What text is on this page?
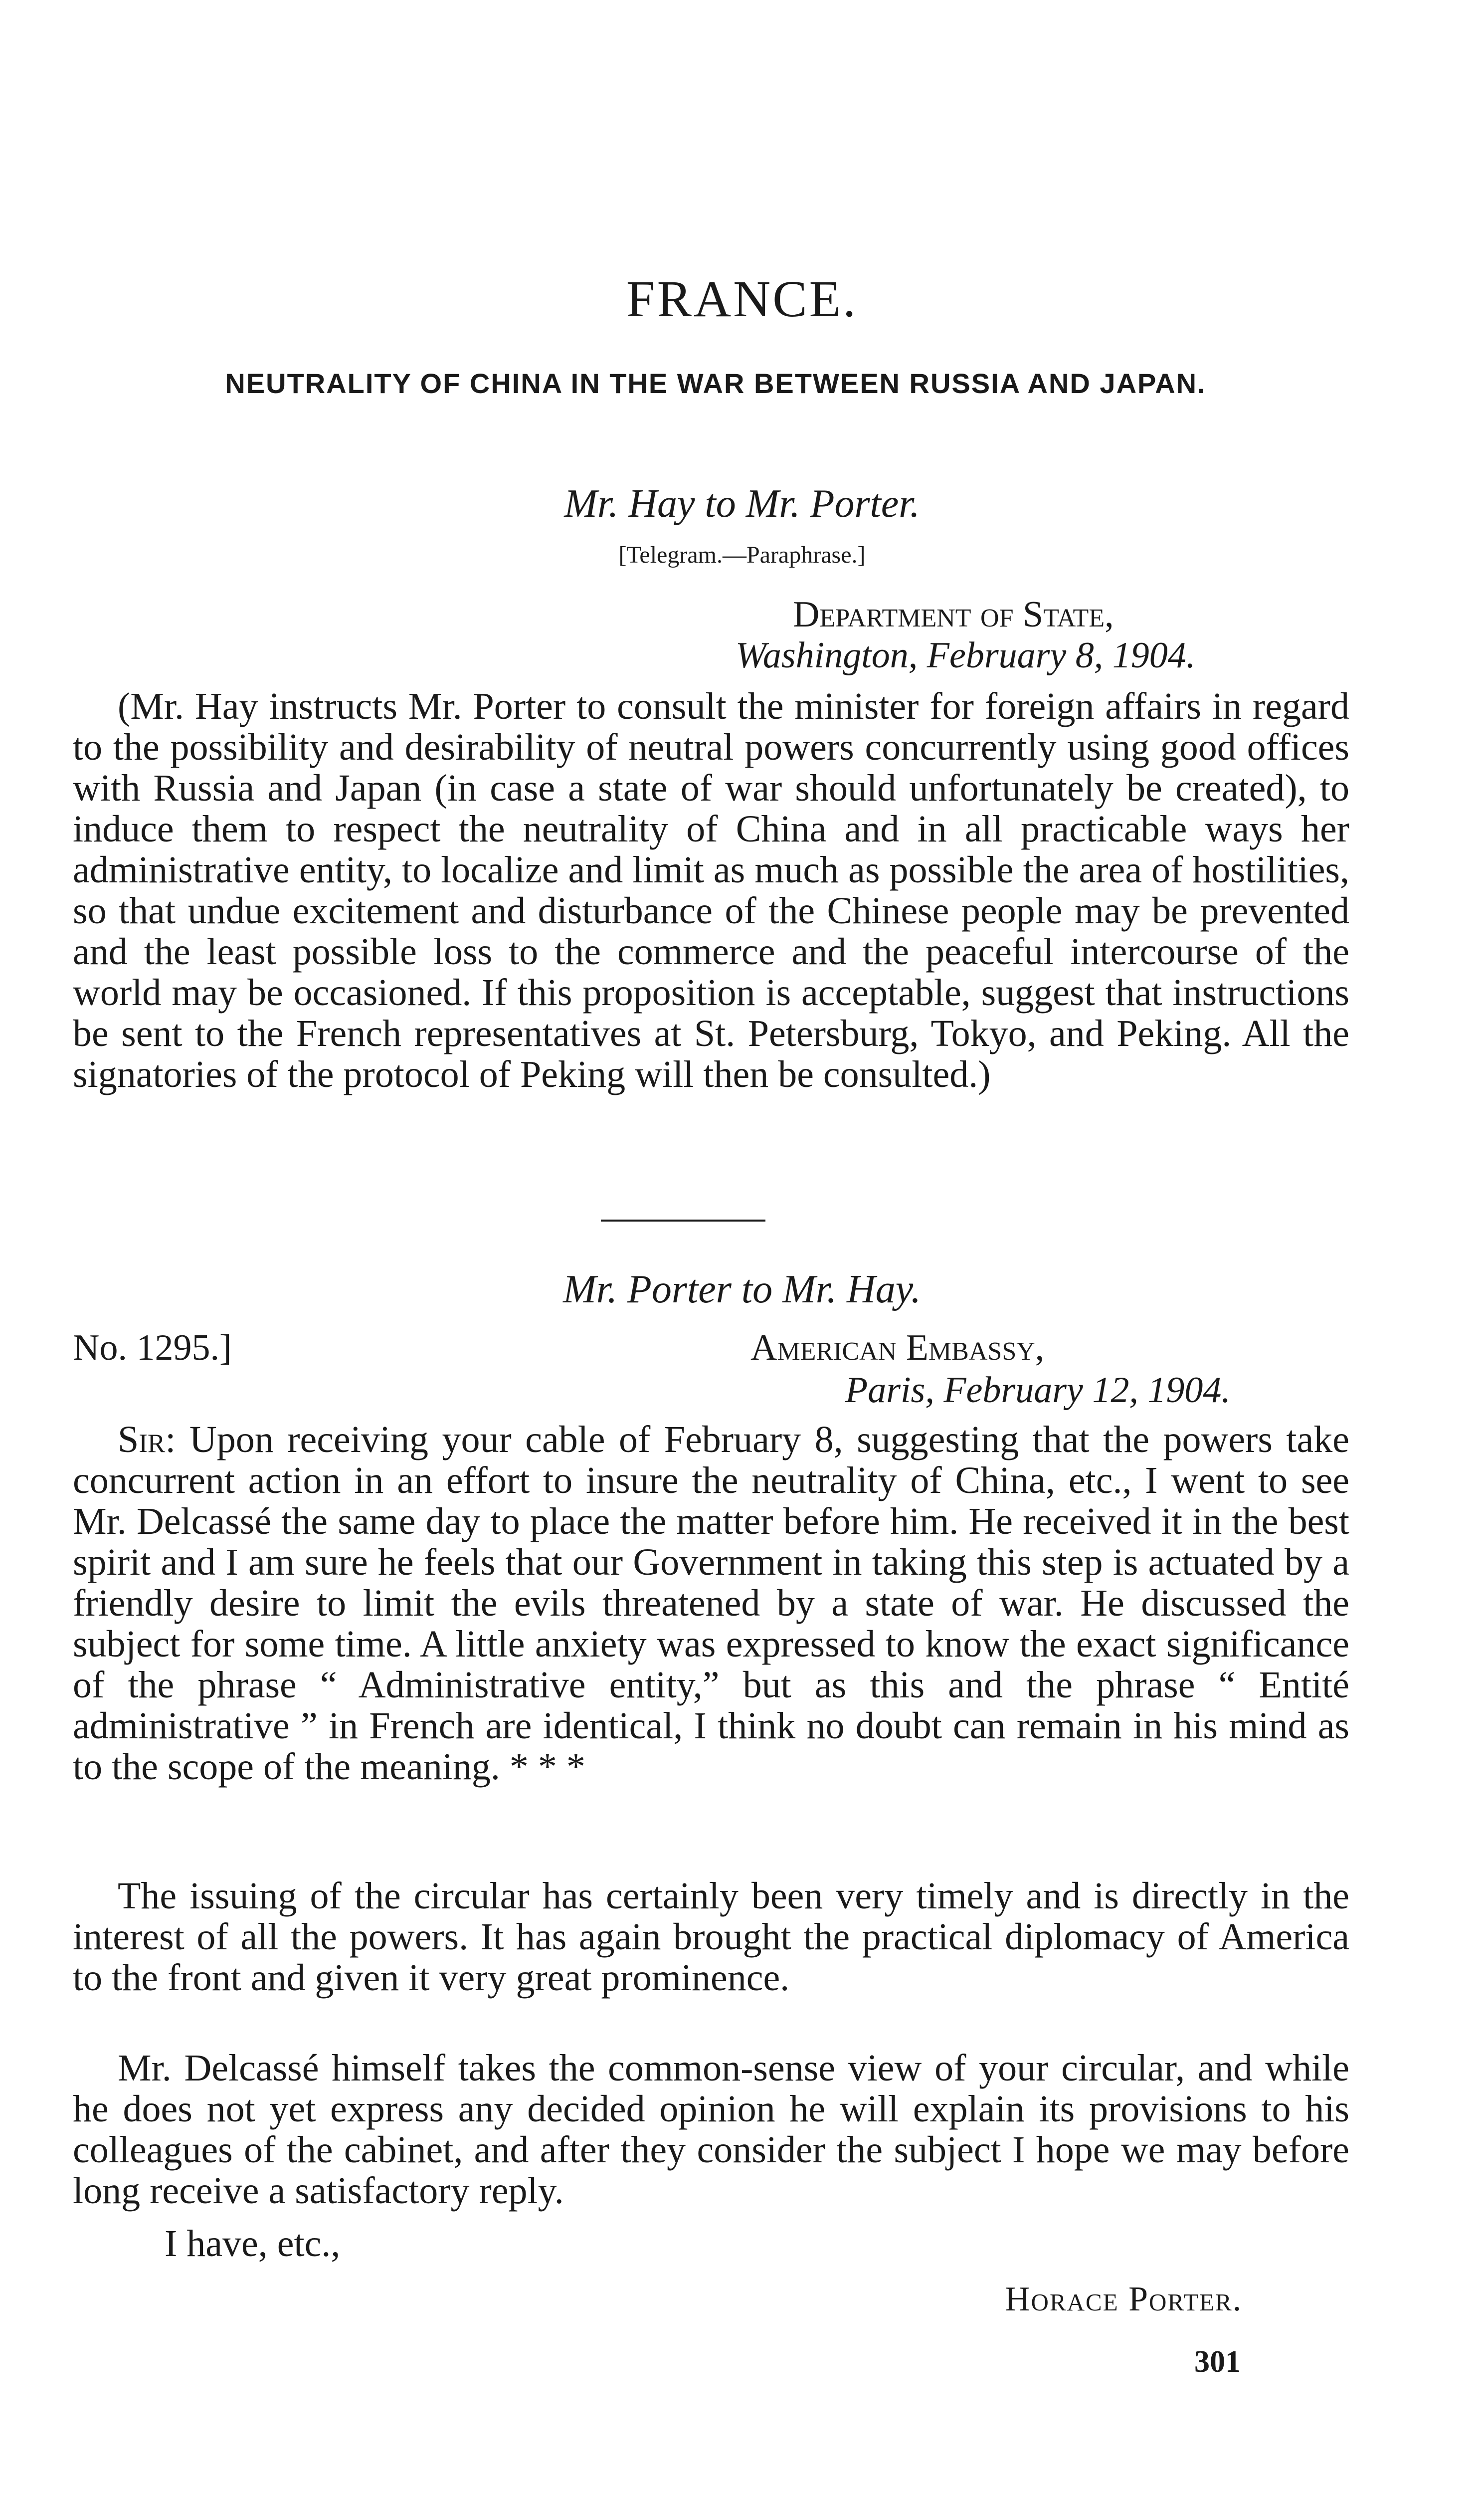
FRANCE.
NEUTRALITY OF CHINA IN THE WAR BETWEEN RUSSIA AND JAPAN.
Mr. Hay to Mr. Porter.
[Telegram.—Paraphrase.]
Department of State,
Washington, February 8, 1904.
(Mr. Hay instructs Mr. Porter to consult the minister for foreign affairs in regard to the possibility and desirability of neutral powers concurrently using good offices with Russia and Japan (in case a state of war should unfortunately be created), to induce them to respect the neutrality of China and in all practicable ways her administrative entity, to localize and limit as much as possible the area of hostilities, so that undue excitement and disturbance of the Chinese people may be prevented and the least possible loss to the commerce and the peaceful intercourse of the world may be occasioned. If this proposition is acceptable, suggest that instructions be sent to the French representatives at St. Petersburg, Tokyo, and Peking. All the signatories of the protocol of Peking will then be consulted.)
Mr. Porter to Mr. Hay.
No. 1295.]	American Embassy,
Paris, February 12, 1904.
Sir: Upon receiving your cable of February 8, suggesting that the powers take concurrent action in an effort to insure the neutrality of China, etc., I went to see Mr. Delcassé the same day to place the matter before him. He received it in the best spirit and I am sure he feels that our Government in taking this step is actuated by a friendly desire to limit the evils threatened by a state of war. He discussed the subject for some time. A little anxiety was expressed to know the exact significance of the phrase “ Administrative entity,” but as this and the phrase “ Entité administrative ” in French are identical, I think no doubt can remain in his mind as to the scope of the meaning. * * *
The issuing of the circular has certainly been very timely and is directly in the interest of all the powers. It has again brought the practical diplomacy of America to the front and given it very great prominence.
Mr. Delcassé himself takes the common-sense view of your circular, and while he does not yet express any decided opinion he will explain its provisions to his colleagues of the cabinet, and after they consider the subject I hope we may before long receive a satisfactory reply.
I have, etc.,
Horace Porter.
301
